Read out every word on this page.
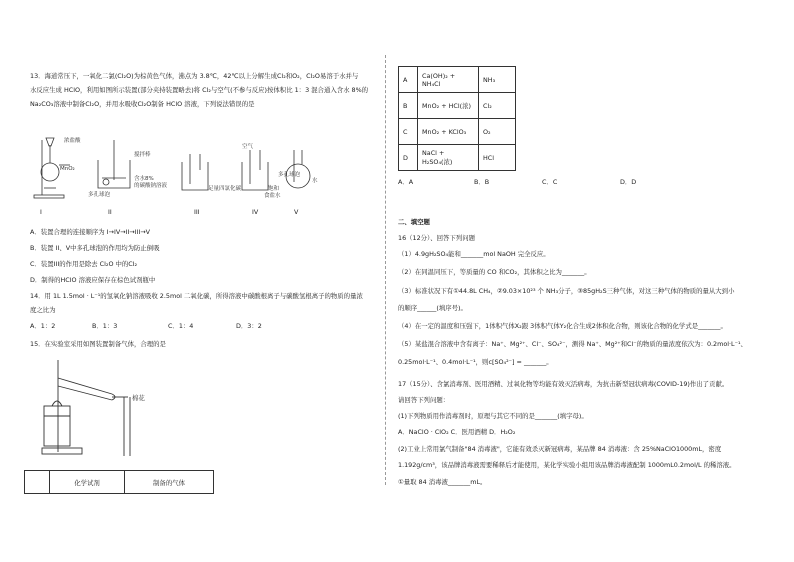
13．海道常压下，一氧化二氯(Cl₂O)为棕黄色气体，沸点为 3.8℃，42℃以上分解生成Cl₂和O₂，Cl₂O易溶于水并与
水反应生成 HClO，利用如图所示装置(部分夹持装置略去)将 Cl₂与空气(不参与反应)按体积比 1：3 混合通入含水 8%的
Na₂CO₃溶液中制备Cl₂O，并用水吸收Cl₂O制备 HClO 溶液，下列说法错误的是
浓盐酸
MnO₂
搅拌棒
含水8%
的碳酸钠溶液
多孔球泡
足量四氯化碳
空气
饱和
食盐水
多孔球泡
水
I	II	III	IV	V
A．装置合理的连接顺序为 I→IV→II→III→V
B．装置 II、V中多孔球泡的作用均为防止倒吸
C．装置III的作用是除去 Cl₂O 中的Cl₂
D．制得的HClO 溶液应保存在棕色试剂瓶中
14．用 1L 1.5mol · L⁻¹的氢氧化钠溶液吸收 2.5mol 二氧化碳，所得溶液中碳酸根离子与碳酸氢根离子的物质的量浓
度之比为
A．1：2	B．1：3	C．1：4	D．3：2
15．在实验室采用如图装置制备气体，合理的是
棉花
	化学试剂	制备的气体
A	Ca(OH)₂ + NH₄Cl	NH₃
B	MnO₂ + HCl(浓)	Cl₂
C	MnO₂ + KClO₃	O₂
D	NaCl + H₂SO₄(浓)	HCl
A．A	B．B	C．C	D．D
二、填空题
16（12分）、回答下列问题
（1）4.9gH₂SO₄能和_______mol NaOH 完全反应。
（2）在同温同压下，等质量的 CO 和CO₂，其体积之比为_______。
（3）标准状况下有①44.8L CH₄，②9.03×10²³ 个 NH₃分子，③85gH₂S三种气体，对这三种气体的物质的量从大到小
的顺序______(填序号)。
（4）在一定的温度和压强下，1体积气体X₂跟 3体积气体Y₂化合生成2体积化合物，则该化合物的化学式是_______。
（5）某盐混合溶液中含有离子：Na⁺、Mg²⁺、Cl⁻、SO₄²⁻，测得 Na⁺、Mg²⁺和Cl⁻的物质的量浓度依次为：0.2mol·L⁻¹、
0.25mol·L⁻¹、0.4mol·L⁻¹，则c[SO₄²⁻] = _______。
17（15分）、含氯消毒剂、医用酒精、过氧化物等均能有效灭活病毒，为抗击新型冠状病毒(COVID-19)作出了贡献。
请回答下列问题：
(1)下列物质用作消毒剂时，原理与其它不同的是_______(填字母)。
A．NaClO · ClO₂ C．医用酒精 D．H₂O₂
(2)工业上常用氯气制备"84 消毒液"，它能有效杀灭新冠病毒，某品牌 84 消毒液：含 25%NaClO1000mL，密度
1.192g/cm³，该品牌消毒液需要稀释后才能使用，某化学实验小组用该品牌消毒液配制 1000mL0.2mol/L 的稀溶液。
①量取 84 消毒液_______mL。
